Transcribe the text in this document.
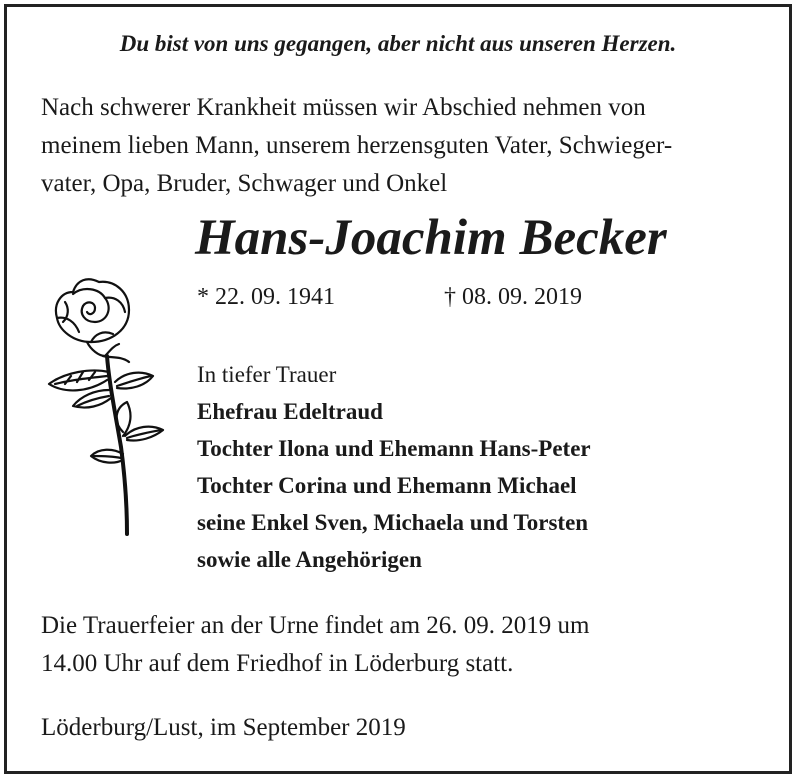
Du bist von uns gegangen, aber nicht aus unseren Herzen.
Nach schwerer Krankheit müssen wir Abschied nehmen von
meinem lieben Mann, unserem herzensguten Vater, Schwieger-
vater, Opa, Bruder, Schwager und Onkel
Hans-Joachim Becker
* 22. 09. 1941	† 08. 09. 2019
In tiefer Trauer
Ehefrau Edeltraud
Tochter Ilona und Ehemann Hans-Peter
Tochter Corina und Ehemann Michael
seine Enkel Sven, Michaela und Torsten
sowie alle Angehörigen
Die Trauerfeier an der Urne findet am 26. 09. 2019 um
14.00 Uhr auf dem Friedhof in Löderburg statt.
Löderburg/Lust, im September 2019
